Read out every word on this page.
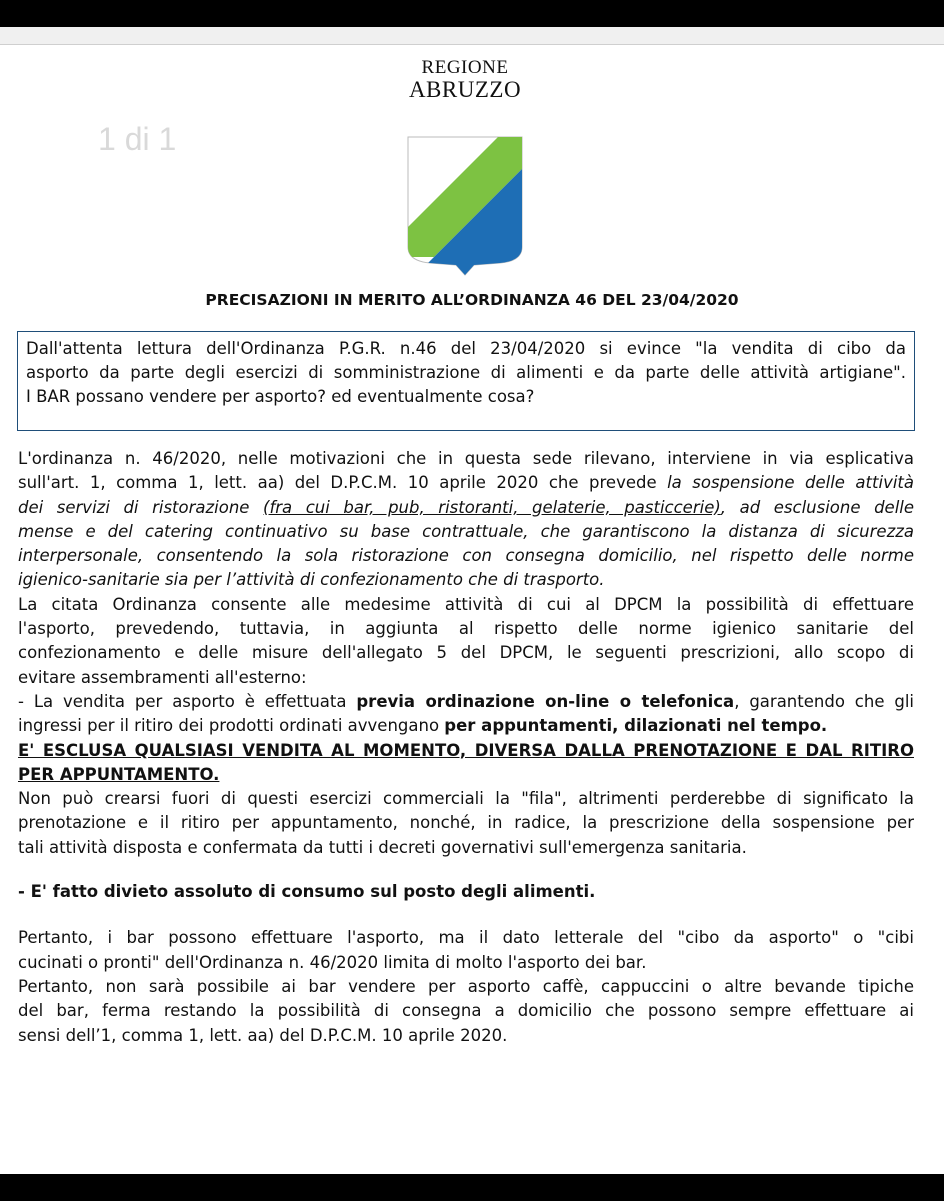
1 di 1
REGIONE
ABRUZZO
PRECISAZIONI IN MERITO ALL’ORDINANZA 46 DEL 23/04/2020
Dall'attenta lettura dell'Ordinanza P.G.R. n.46 del 23/04/2020 si evince "la vendita di cibo da
asporto da parte degli esercizi di somministrazione di alimenti e da parte delle attività artigiane".
I BAR possano vendere per asporto? ed eventualmente cosa?
L'ordinanza n. 46/2020, nelle motivazioni che in questa sede rilevano, interviene in via esplicativa
sull'art. 1, comma 1, lett. aa) del D.P.C.M. 10 aprile 2020 che prevede la sospensione delle attività
dei servizi di ristorazione (fra cui bar, pub, ristoranti, gelaterie, pasticcerie), ad esclusione delle
mense e del catering continuativo su base contrattuale, che garantiscono la distanza di sicurezza
interpersonale, consentendo la sola ristorazione con consegna domicilio, nel rispetto delle norme
igienico-sanitarie sia per l’attività di confezionamento che di trasporto.
La citata Ordinanza consente alle medesime attività di cui al DPCM la possibilità di effettuare
l'asporto, prevedendo, tuttavia, in aggiunta al rispetto delle norme igienico sanitarie del
confezionamento e delle misure dell'allegato 5 del DPCM, le seguenti prescrizioni, allo scopo di
evitare assembramenti all'esterno:
- La vendita per asporto è effettuata previa ordinazione on-line o telefonica, garantendo che gli
ingressi per il ritiro dei prodotti ordinati avvengano per appuntamenti, dilazionati nel tempo.
E' ESCLUSA QUALSIASI VENDITA AL MOMENTO, DIVERSA DALLA PRENOTAZIONE E DAL RITIRO
PER APPUNTAMENTO.
Non può crearsi fuori di questi esercizi commerciali la "fila", altrimenti perderebbe di significato la
prenotazione e il ritiro per appuntamento, nonché, in radice, la prescrizione della sospensione per
tali attività disposta e confermata da tutti i decreti governativi sull'emergenza sanitaria.
- E' fatto divieto assoluto di consumo sul posto degli alimenti.
Pertanto, i bar possono effettuare l'asporto, ma il dato letterale del "cibo da asporto" o "cibi
cucinati o pronti" dell'Ordinanza n. 46/2020 limita di molto l'asporto dei bar.
Pertanto, non sarà possibile ai bar vendere per asporto caffè, cappuccini o altre bevande tipiche
del bar, ferma restando la possibilità di consegna a domicilio che possono sempre effettuare ai
sensi dell’1, comma 1, lett. aa) del D.P.C.M. 10 aprile 2020.
